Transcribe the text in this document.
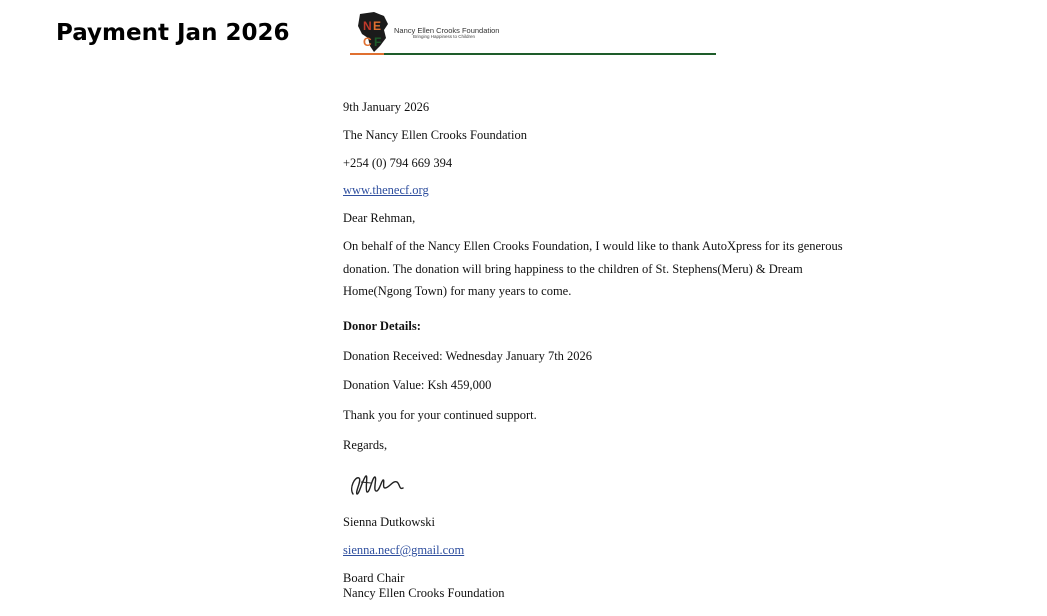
Payment Jan 2026	N E
C F
Nancy Ellen Crooks Foundation
Bringing Happiness to Children
9th January 2026
The Nancy Ellen Crooks Foundation
+254 (0) 794 669 394
www.thenecf.org
Dear Rehman,
On behalf of the Nancy Ellen Crooks Foundation, I would like to thank AutoXpress for its generous donation. The donation will bring happiness to the children of St. Stephens(Meru) & Dream Home(Ngong Town) for many years to come.
Donor Details:
Donation Received: Wednesday January 7th 2026
Donation Value: Ksh 459,000
Thank you for your continued support.
Regards,
Sienna Dutkowski
sienna.necf@gmail.com
Board Chair
Nancy Ellen Crooks Foundation
